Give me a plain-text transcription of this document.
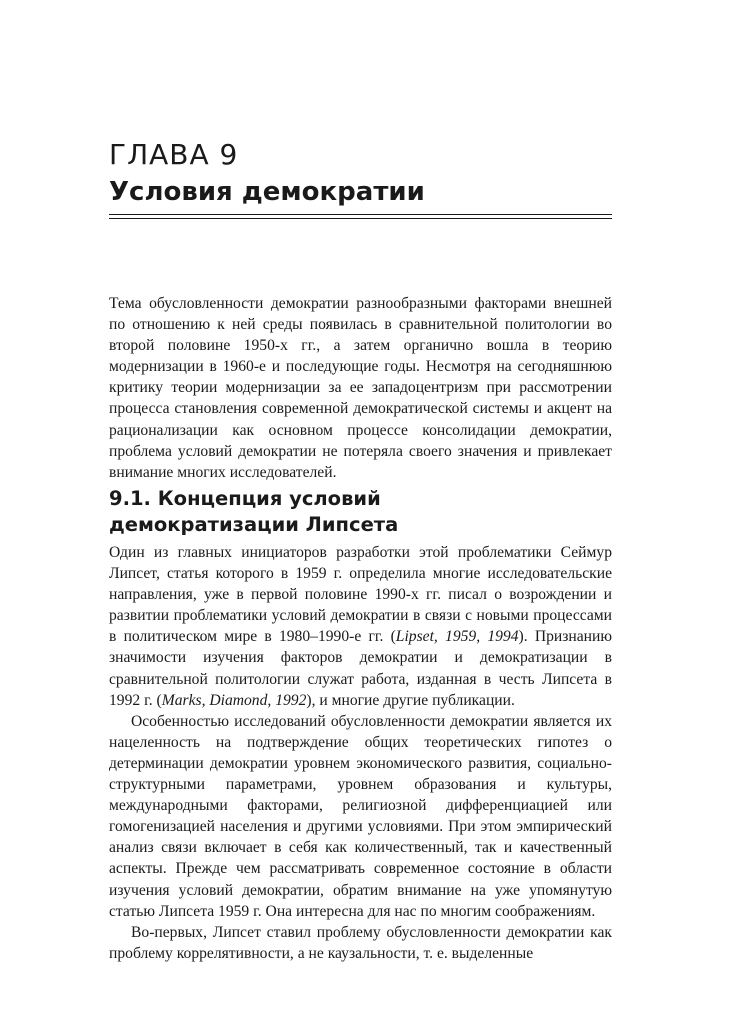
ГЛАВА 9
Условия демократии

Тема обусловленности демократии разнообразными факторами внешней по отношению к ней среды появилась в сравнительной политологии во второй половине 1950-х гг., а затем органично вошла в теорию модернизации в 1960-е и последующие годы. Несмотря на сегодняшнюю критику теории модернизации за ее западоцентризм при рассмотрении процесса становления современной демократической системы и акцент на рационализации как основном процессе консолидации демократии, проблема условий демократии не потеряла своего значения и привлекает внимание многих исследователей.

9.1. Концепция условий
демократизации Липсета

Один из главных инициаторов разработки этой проблематики Сеймур Липсет, статья которого в 1959 г. определила многие исследовательские направления, уже в первой половине 1990-х гг. писал о возрождении и развитии проблематики условий демократии в связи с новыми процессами в политическом мире в 1980–1990-е гг. (Lipset, 1959, 1994). Признанию значимости изучения факторов демократии и демократизации в сравнительной политологии служат работа, изданная в честь Липсета в 1992 г. (Marks, Diamond, 1992), и многие другие публикации.

Особенностью исследований обусловленности демократии является их нацеленность на подтверждение общих теоретических гипотез о детерминации демократии уровнем экономического развития, социально-структурными параметрами, уровнем образования и культуры, международными факторами, религиозной дифференциацией или гомогенизацией населения и другими условиями. При этом эмпирический анализ связи включает в себя как количественный, так и качественный аспекты. Прежде чем рассматривать современное состояние в области изучения условий демократии, обратим внимание на уже упомянутую статью Липсета 1959 г. Она интересна для нас по многим соображениям.

Во-первых, Липсет ставил проблему обусловленности демократии как проблему коррелятивности, а не каузальности, т. е. выделенные
